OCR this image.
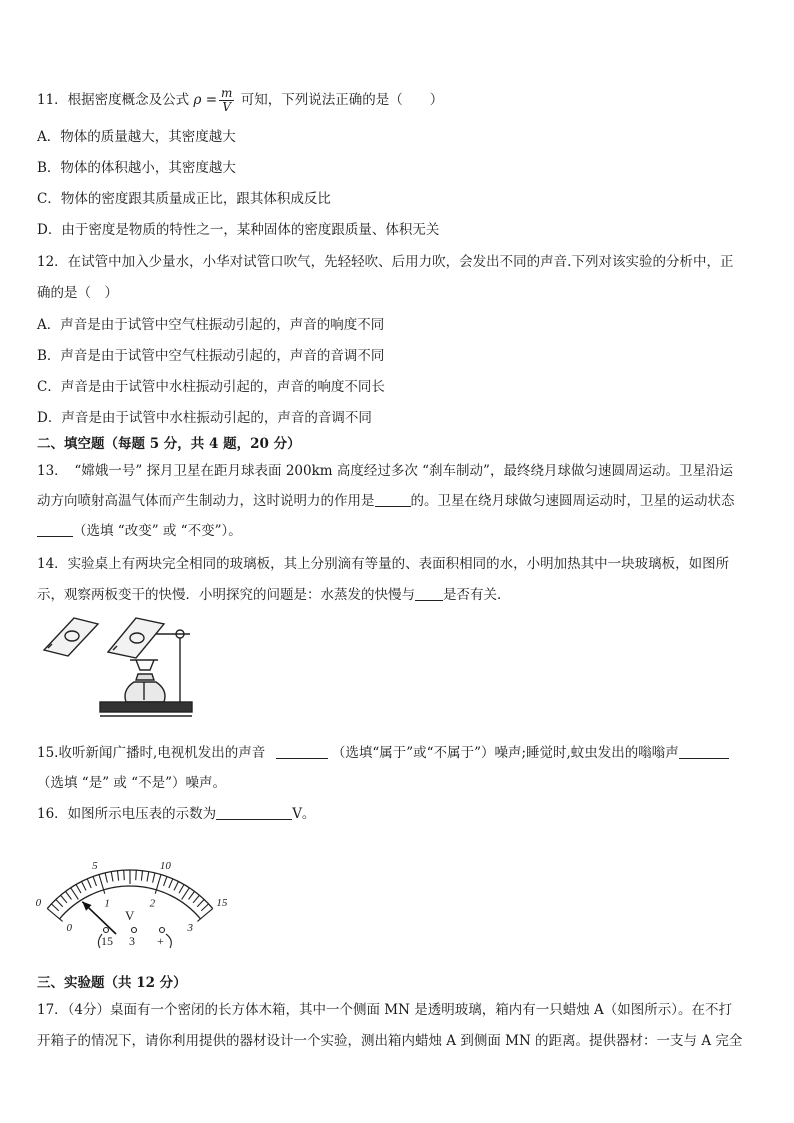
11．根据密度概念及公式 $\rho = \frac{m}{V}$ 可知，下列说法正确的是（　　）
A．物体的质量越大，其密度越大
B．物体的体积越小，其密度越大
C．物体的密度跟其质量成正比，跟其体积成反比
D．由于密度是物质的特性之一，某种固体的密度跟质量、体积无关
12．在试管中加入少量水，小华对试管口吹气，先轻轻吹、后用力吹，会发出不同的声音.下列对该实验的分析中，正
确的是（　）
A．声音是由于试管中空气柱振动引起的，声音的响度不同
B．声音是由于试管中空气柱振动引起的，声音的音调不同
C．声音是由于试管中水柱振动引起的，声音的响度不同长
D．声音是由于试管中水柱振动引起的，声音的音调不同
二、填空题（每题 5 分，共 4 题，20 分）
13．　“嫦娥一号” 探月卫星在距月球表面 200km 高度经过多次 “刹车制动”，最终绕月球做匀速圆周运动。卫星沿运
动方向喷射高温气体而产生制动力，这时说明力的作用是	的。卫星在绕月球做匀速圆周运动时，卫星的运动状态
（选填 “改变” 或 “不变”）。
14．实验桌上有两块完全相同的玻璃板，其上分别滴有等量的、表面积相同的水，小明加热其中一块玻璃板，如图所
示，观察两板变干的快慢．小明探究的问题是：水蒸发的快慢与 是否有关．
15.收听新闻广播时,电视机发出的声音	（选填“属于”或“不属于”）噪声;睡觉时,蚊虫发出的嗡嗡声
（选填 “是” 或 “不是”）噪声。
16．如图所示电压表的示数为	V。
0
5	10
15
0
1	2
3
V
15 3 +
三、实验题（共 12 分）
17．（4分）桌面有一个密闭的长方体木箱，其中一个侧面 MN 是透明玻璃，箱内有一只蜡烛 A（如图所示）。在不打
开箱子的情况下，请你利用提供的器材设计一个实验，测出箱内蜡烛 A 到侧面 MN 的距离。提供器材：一支与 A 完全
